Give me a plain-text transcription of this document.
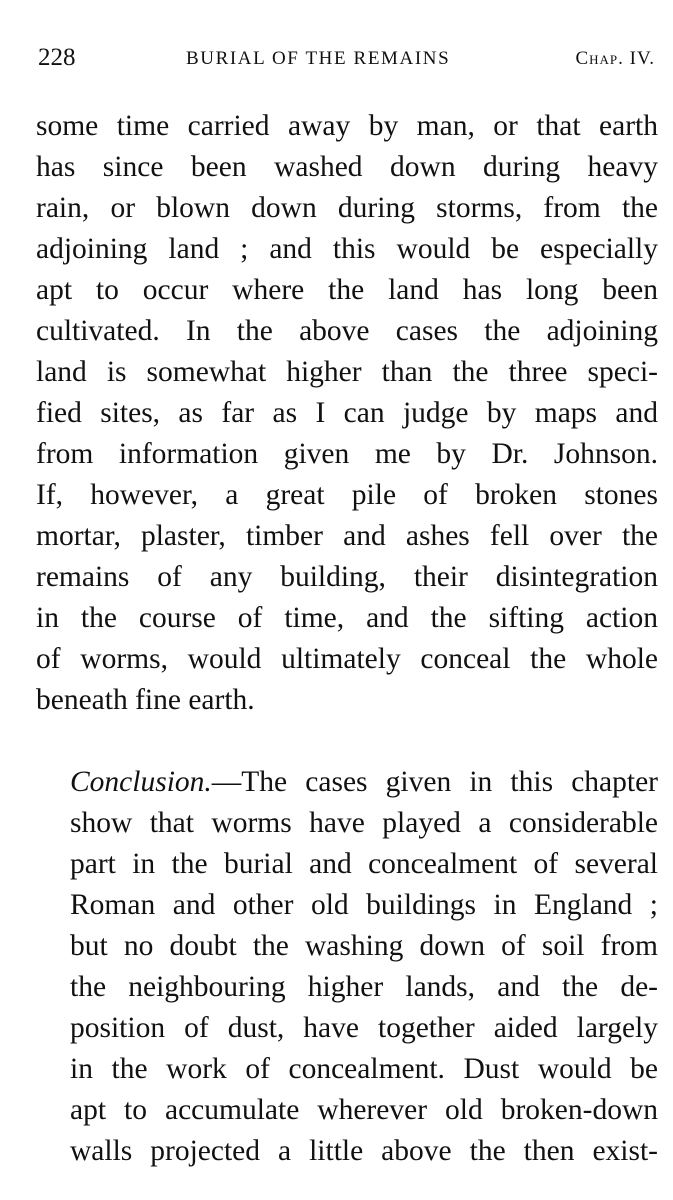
228	BURIAL OF THE REMAINS	Chap. IV.
some time carried away by man, or that earth
has since been washed down during heavy
rain, or blown down during storms, from the
adjoining land ; and this would be especially
apt to occur where the land has long been
cultivated. In the above cases the adjoining
land is somewhat higher than the three speci-
fied sites, as far as I can judge by maps and
from information given me by Dr. Johnson.
If, however, a great pile of broken stones
mortar, plaster, timber and ashes fell over the
remains of any building, their disintegration
in the course of time, and the sifting action
of worms, would ultimately conceal the whole
beneath fine earth.
Conclusion.—The cases given in this chapter
show that worms have played a considerable
part in the burial and concealment of several
Roman and other old buildings in England ;
but no doubt the washing down of soil from
the neighbouring higher lands, and the de-
position of dust, have together aided largely
in the work of concealment. Dust would be
apt to accumulate wherever old broken-down
walls projected a little above the then exist-
